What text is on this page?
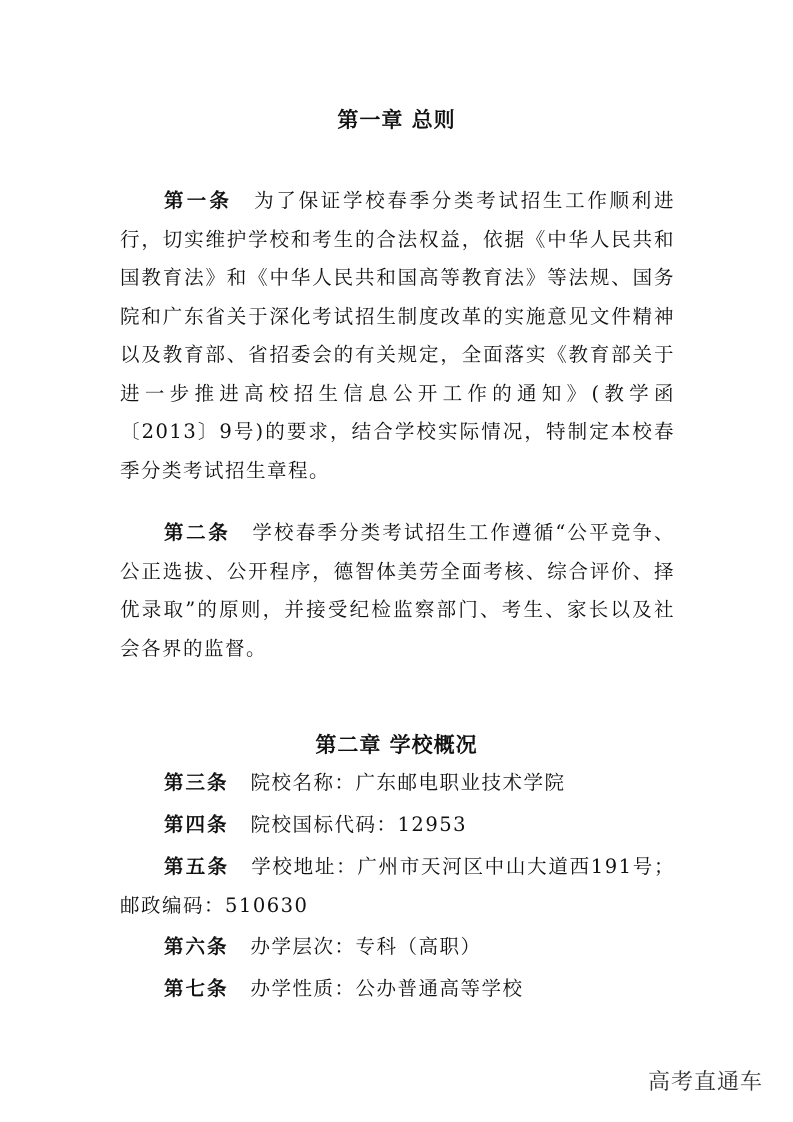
第一章 总则
第一条 为了保证学校春季分类考试招生工作顺利进行，切实维护学校和考生的合法权益，依据《中华人民共和国教育法》和《中华人民共和国高等教育法》等法规、国务院和广东省关于深化考试招生制度改革的实施意见文件精神以及教育部、省招委会的有关规定，全面落实《教育部关于进一步推进高校招生信息公开工作的通知》(教学函〔2013〕9号)的要求，结合学校实际情况，特制定本校春季分类考试招生章程。
第二条 学校春季分类考试招生工作遵循“公平竞争、公正选拔、公开程序，德智体美劳全面考核、综合评价、择优录取”的原则，并接受纪检监察部门、考生、家长以及社会各界的监督。
第二章 学校概况
第三条 院校名称：广东邮电职业技术学院
第四条 院校国标代码：12953
第五条 学校地址：广州市天河区中山大道西191号；邮政编码：510630
第六条 办学层次：专科（高职）
第七条 办学性质：公办普通高等学校
高考直通车
